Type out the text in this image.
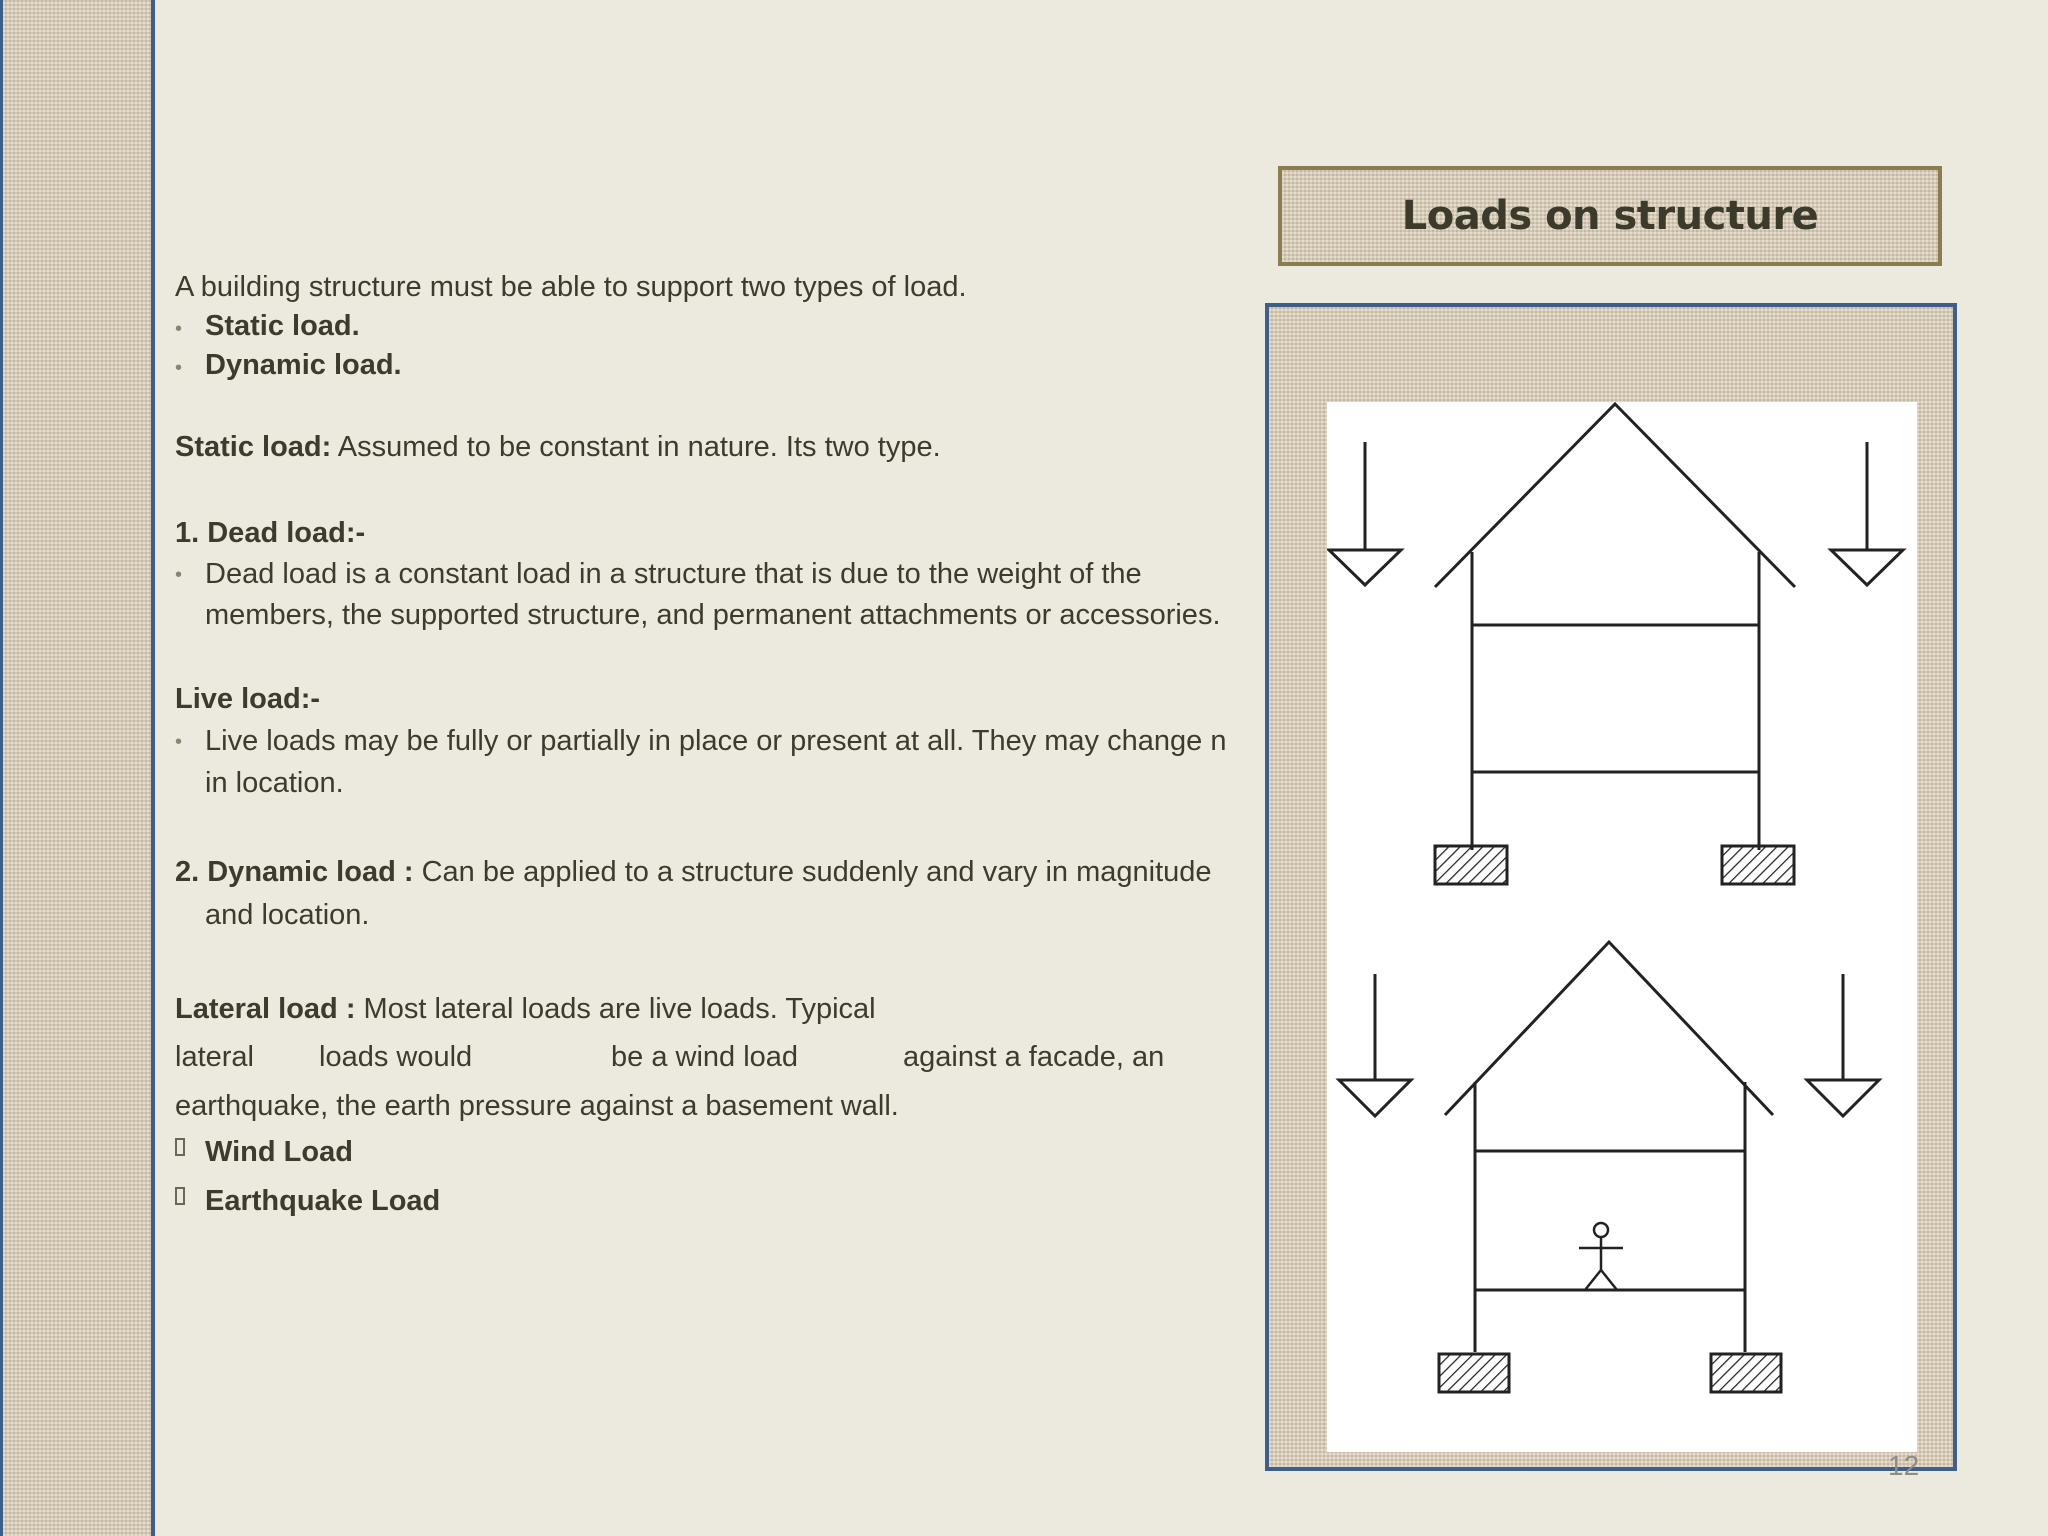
Loads on structure
A building structure must be able to support two types of load.
• Static load.
• Dynamic load.
Static load: Assumed to be constant in nature. Its two type.
1. Dead load:-
• Dead load is a constant load in a structure that is due to the weight of the
members, the supported structure, and permanent attachments or accessories.
Live load:-
• Live loads may be fully or partially in place or present at all. They may change n
in location.
2. Dynamic load : Can be applied to a structure suddenly and vary in magnitude
and location.
Lateral load : Most lateral loads are live loads. Typical
lateral loads would	be a wind load	against a facade, an
earthquake, the earth pressure against a basement wall.
Wind Load
Earthquake Load
12
